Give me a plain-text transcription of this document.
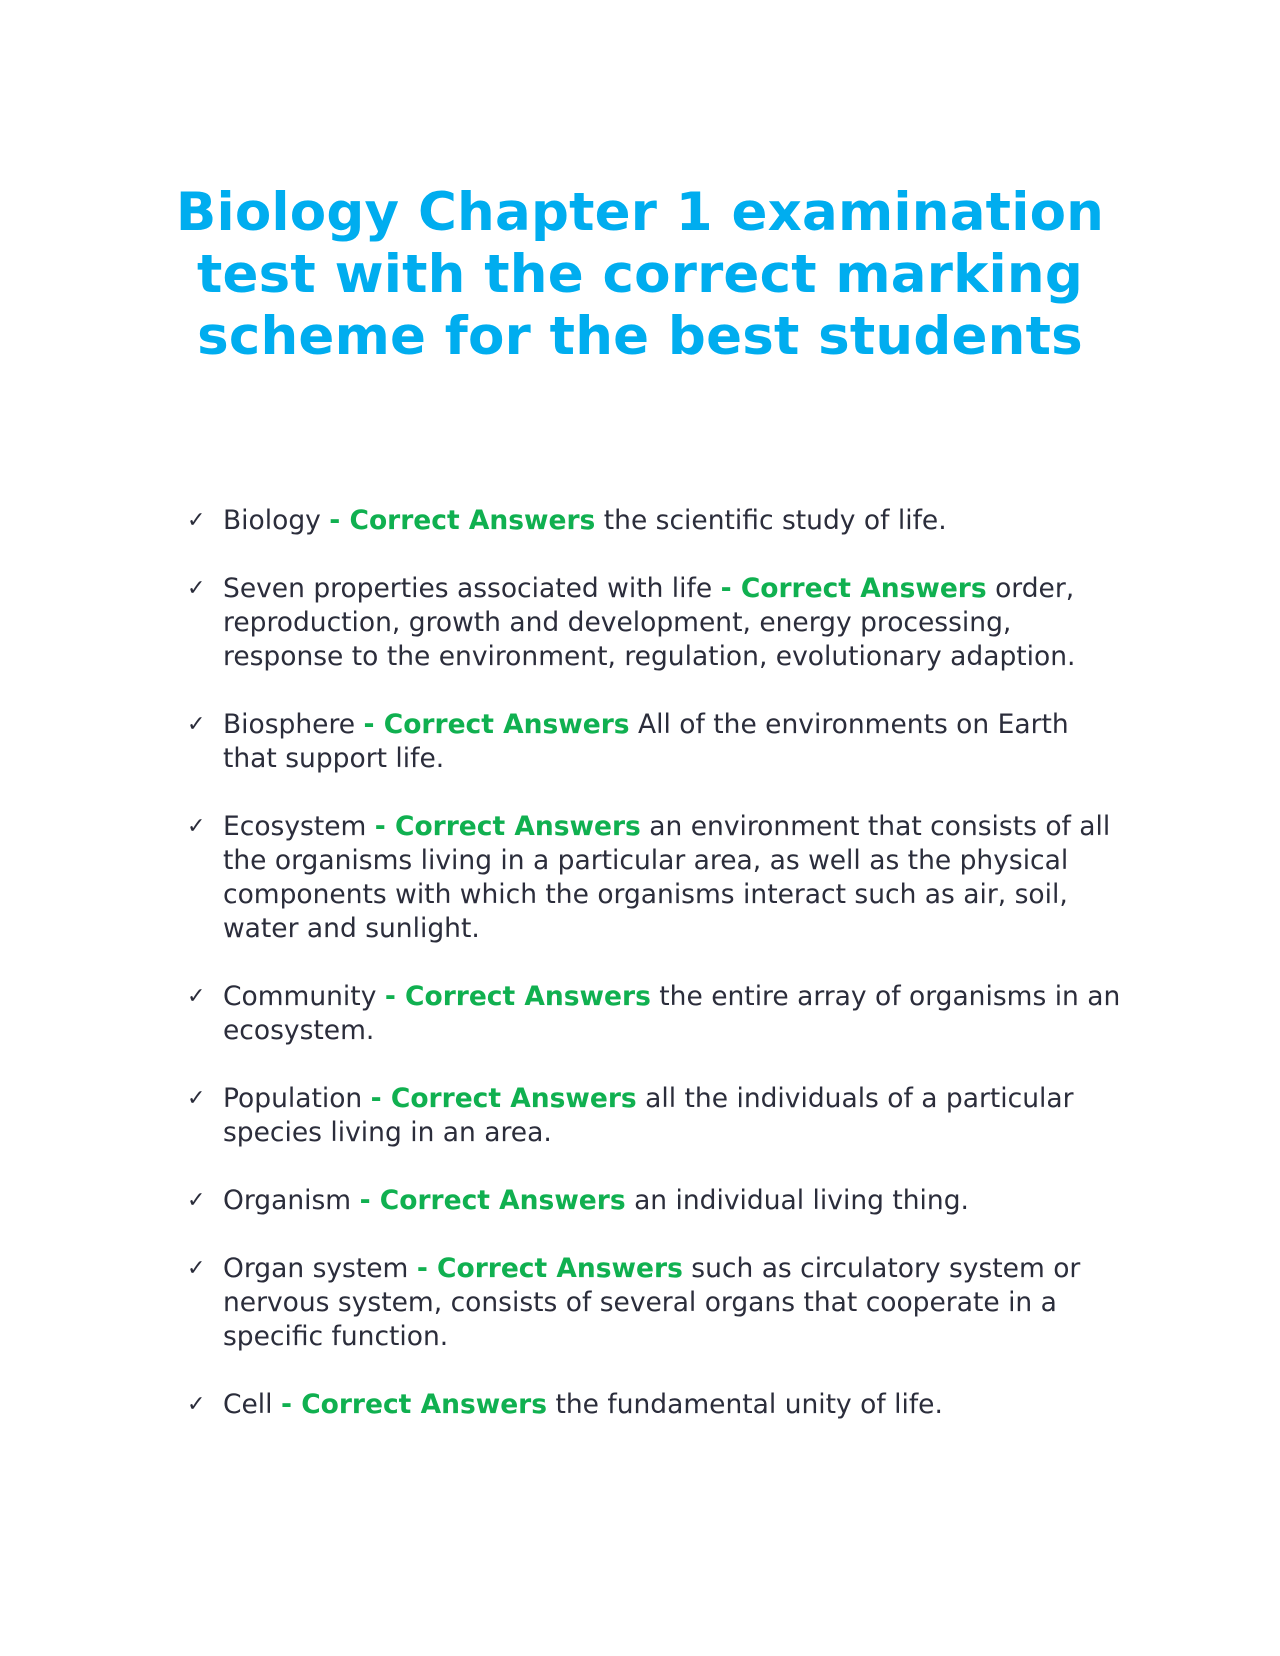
Biology Chapter 1 examination
test with the correct marking
scheme for the best students
✓ Biology - Correct Answers the scientific study of life.
✓ Seven properties associated with life - Correct Answers order, reproduction, growth and development, energy processing, response to the environment, regulation, evolutionary adaption.
✓ Biosphere - Correct Answers All of the environments on Earth that support life.
✓ Ecosystem - Correct Answers an environment that consists of all the organisms living in a particular area, as well as the physical components with which the organisms interact such as air, soil, water and sunlight.
✓ Community - Correct Answers the entire array of organisms in an ecosystem.
✓ Population - Correct Answers all the individuals of a particular species living in an area.
✓ Organism - Correct Answers an individual living thing.
✓ Organ system - Correct Answers such as circulatory system or nervous system, consists of several organs that cooperate in a specific function.
✓ Cell - Correct Answers the fundamental unity of life.
